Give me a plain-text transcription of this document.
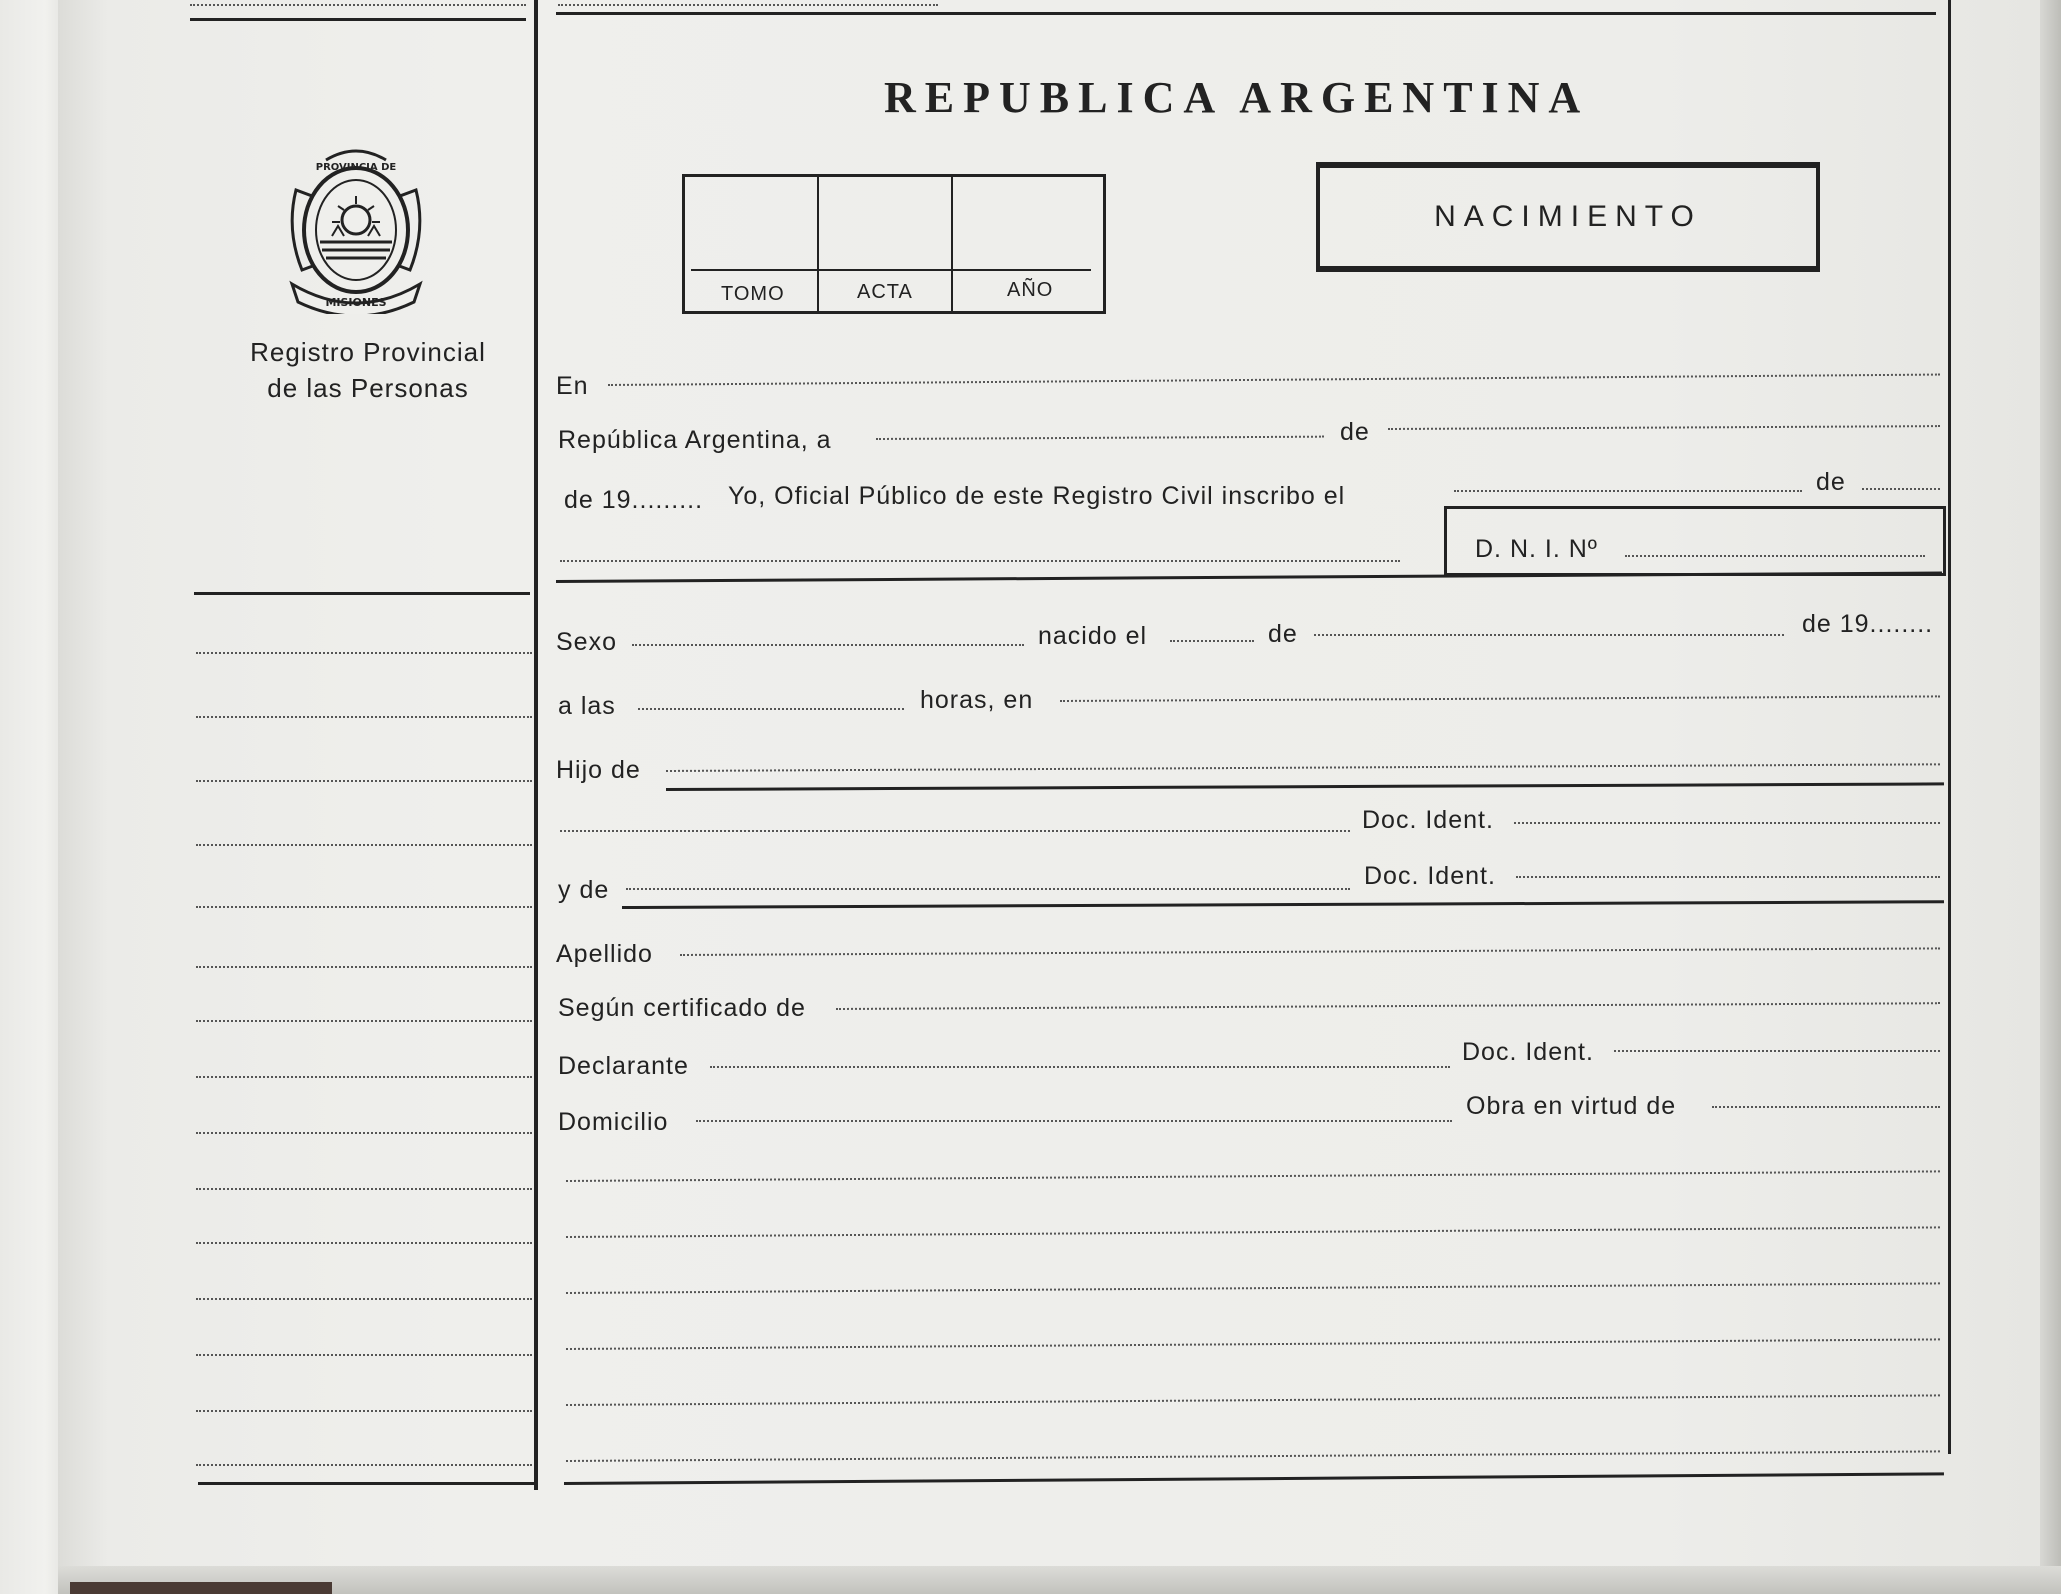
PROVINCIA DE
MISIONES
Registro Provincial
de las Personas
REPUBLICA ARGENTINA
TOMO	ACTA	AÑO
NACIMIENTO
En
República Argentina, a	de
de 19......... Yo, Oficial Público de este Registro Civil inscribo el	de
D. N. I. Nº
Sexo	nacido el	de	de 19........
a las	horas, en
Hijo de
Doc. Ident.
y de	Doc. Ident.
Apellido
Según certificado de
Declarante	Doc. Ident.
Domicilio
Obra en virtud de
